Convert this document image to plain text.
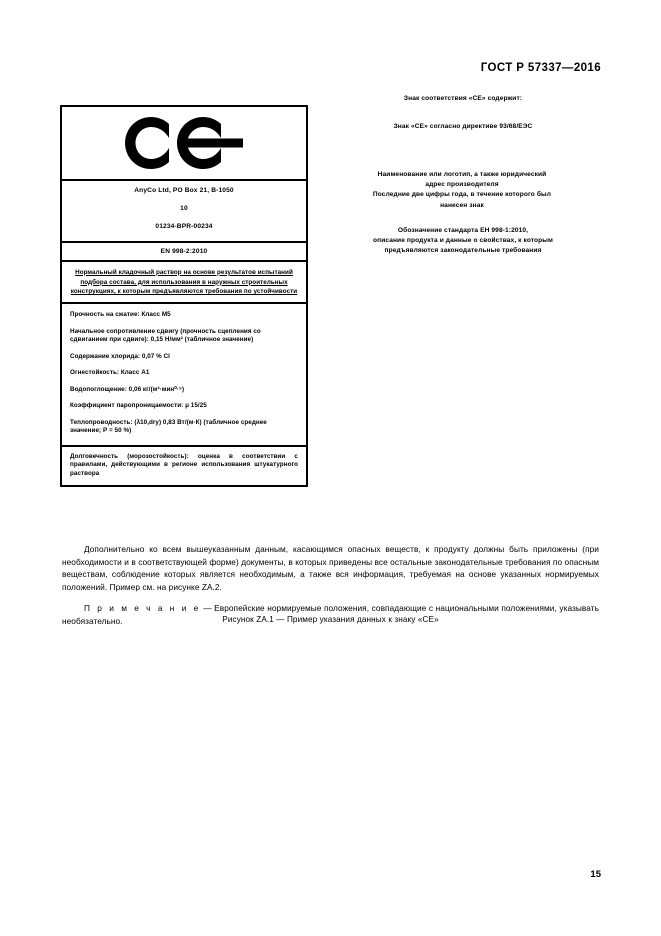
ГОСТ Р 57337—2016
AnyCo Ltd, PO Box 21, B-1050
10
01234-BPR-00234
EN 998-2:2010

Нормальный кладочный раствор на основе результатов испытаний подбора состава, для использования в наружных строительных конструкциях, к которым предъявляются требования по устойчивости

Прочность на сжатие: Класс М5

Начальное сопротивление сдвигу (прочность сцепления со сдвиганием при сдвиге): 0,15 Н/мм² (табличное значение)

Содержание хлорида: 0,07 % Cl

Огнестойкость: Класс А1

Водопоглощение: 0,06 кг/(м²·мин⁰·⁵)

Коэффициент паропроницаемости: μ 15/25

Теплопроводность: (λ10,dry) 0,83 Вт/(м·К) (табличное среднее значение; Р = 50 %)

Долговечность (морозостойкость): оценка в соответствии с правилами, действующими в регионе использования штукатурного раствора

Знак соответствия «СЕ» содержит:

Знак «СЕ» согласно директиве 93/68/ЕЭС

Наименование или логотип, а также юридический

адрес производителя

Последние две цифры года, в течение которого был

нанесен знак

Обозначение стандарта ЕН 998-1:2010,

описание продукта и данные о свойствах, к которым

предъявляются законодательные требования

Рисунок ZA.1 — Пример указания данных к знаку «СЕ»

Дополнительно ко всем вышеуказанным данным, касающимся опасных веществ, к продукту должны быть приложены (при необходимости и в соответствующей форме) документы, в которых приведены все остальные законодательные требования по опасным веществам, соблюдение которых является необходимым, а также вся информация, требуемая на основе указанных нормируемых положений. Пример см. на рисунке ZA.2.

П р и м е ч а н и е — Европейские нормируемые положения, совпадающие с национальными положениями, указывать необязательно.

15
